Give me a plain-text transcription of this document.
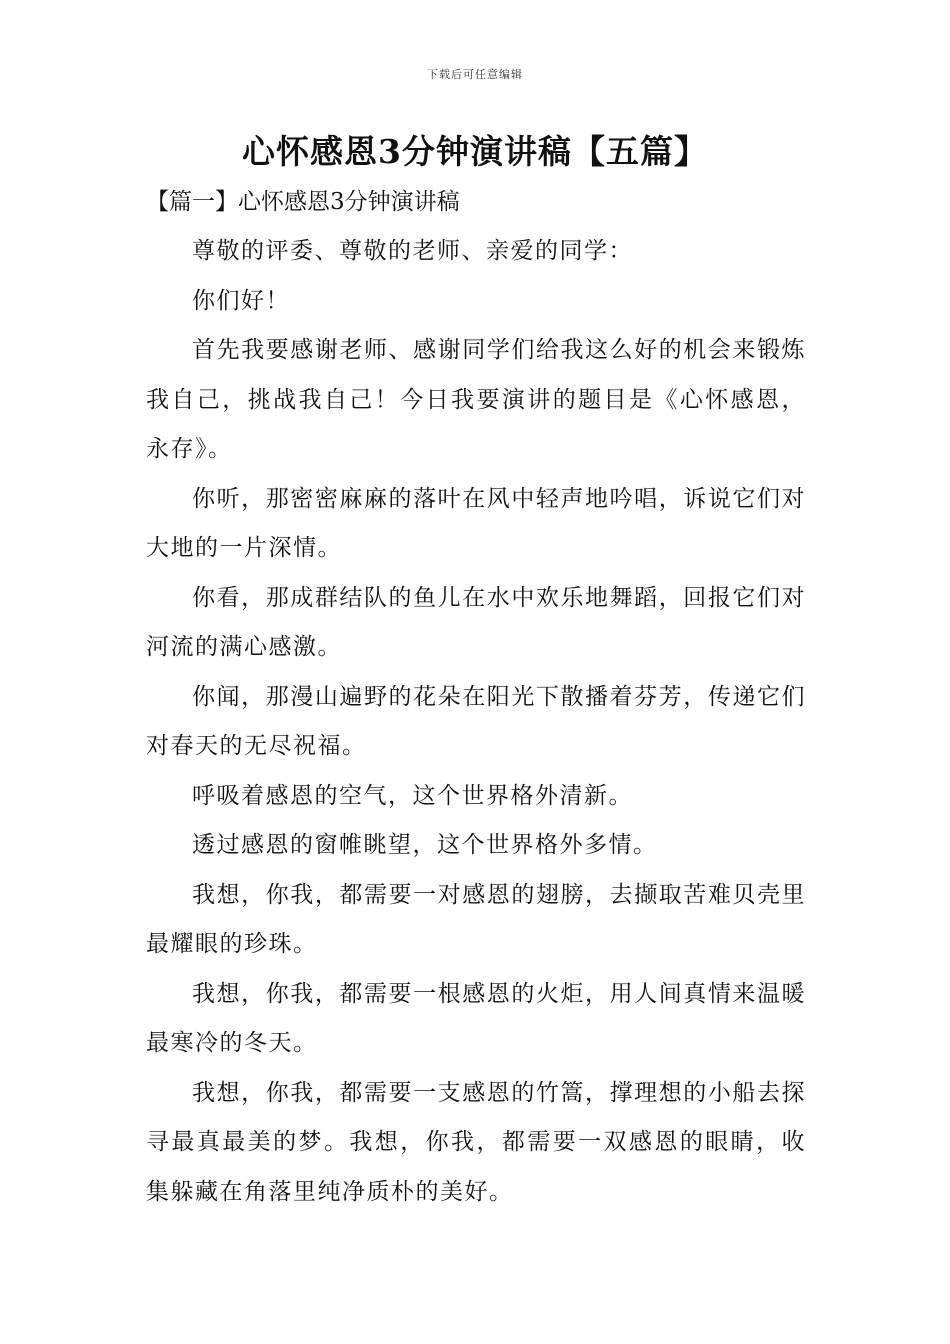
下载后可任意编辑
心怀感恩3分钟演讲稿【五篇】
【篇一】心怀感恩3分钟演讲稿

尊敬的评委、尊敬的老师、亲爱的同学：

你们好！

首先我要感谢老师、感谢同学们给我这么好的机会来锻炼我自己，挑战我自己！今日我要演讲的题目是《心怀感恩，永存》。

你听，那密密麻麻的落叶在风中轻声地吟唱，诉说它们对大地的一片深情。

你看，那成群结队的鱼儿在水中欢乐地舞蹈，回报它们对河流的满心感激。

你闻，那漫山遍野的花朵在阳光下散播着芬芳，传递它们对春天的无尽祝福。

呼吸着感恩的空气，这个世界格外清新。

透过感恩的窗帷眺望，这个世界格外多情。

我想，你我，都需要一对感恩的翅膀，去撷取苦难贝壳里最耀眼的珍珠。

我想，你我，都需要一根感恩的火炬，用人间真情来温暖最寒冷的冬天。

我想，你我，都需要一支感恩的竹篙，撑理想的小船去探寻最真最美的梦。我想，你我，都需要一双感恩的眼睛，收集躲藏在角落里纯净质朴的美好。
